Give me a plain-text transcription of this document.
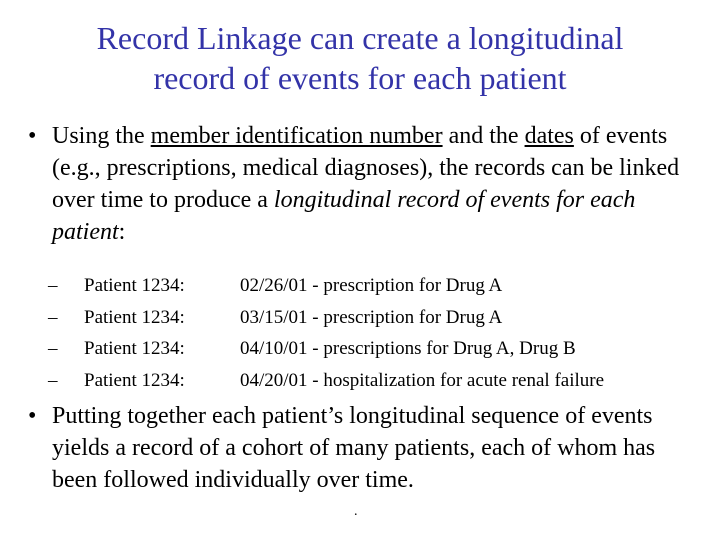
Record Linkage can create a longitudinal
record of events for each patient
• Using the member identification number and the dates of events (e.g., prescriptions, medical diagnoses), the records can be linked over time to produce a longitudinal record of events for each patient:
–	Patient 1234:	02/26/01 - prescription for Drug A
–	Patient 1234:	03/15/01 - prescription for Drug A
–	Patient 1234:	04/10/01 - prescriptions for Drug A, Drug B
–	Patient 1234:	04/20/01 - hospitalization for acute renal failure
• Putting together each patient’s longitudinal sequence of events yields a record of a cohort of many patients, each of whom has been followed individually over time.
.
